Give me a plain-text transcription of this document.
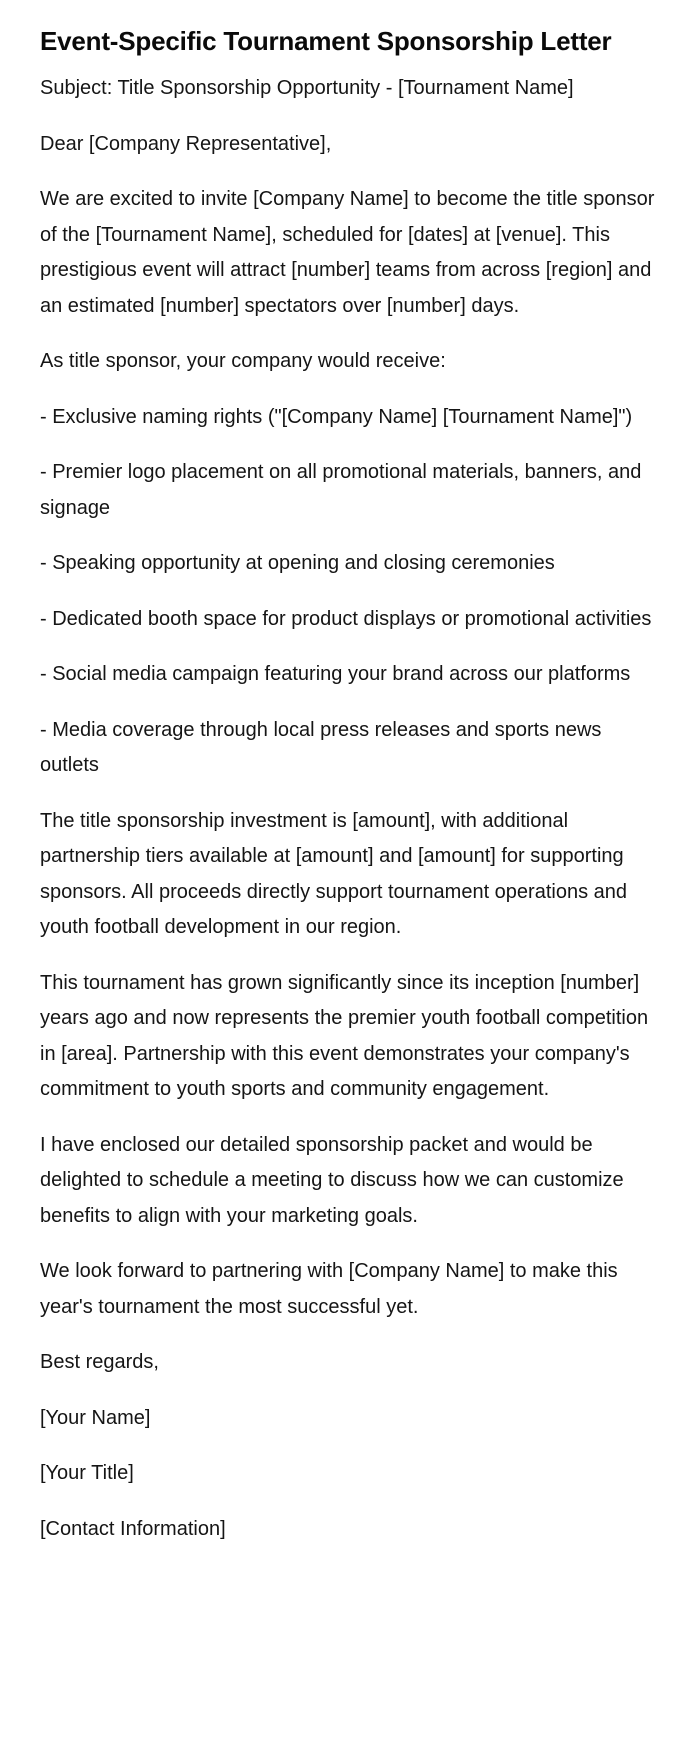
Event-Specific Tournament Sponsorship Letter

Subject: Title Sponsorship Opportunity - [Tournament Name]

Dear [Company Representative],

We are excited to invite [Company Name] to become the title sponsor of the [Tournament Name], scheduled for [dates] at [venue]. This prestigious event will attract [number] teams from across [region] and an estimated [number] spectators over [number] days.

As title sponsor, your company would receive:

- Exclusive naming rights ("[Company Name] [Tournament Name]")

- Premier logo placement on all promotional materials, banners, and signage

- Speaking opportunity at opening and closing ceremonies

- Dedicated booth space for product displays or promotional activities

- Social media campaign featuring your brand across our platforms

- Media coverage through local press releases and sports news outlets

The title sponsorship investment is [amount], with additional partnership tiers available at [amount] and [amount] for supporting sponsors. All proceeds directly support tournament operations and youth football development in our region.

This tournament has grown significantly since its inception [number] years ago and now represents the premier youth football competition in [area]. Partnership with this event demonstrates your company's commitment to youth sports and community engagement.

I have enclosed our detailed sponsorship packet and would be delighted to schedule a meeting to discuss how we can customize benefits to align with your marketing goals.

We look forward to partnering with [Company Name] to make this year's tournament the most successful yet.

Best regards,

[Your Name]

[Your Title]

[Contact Information]
